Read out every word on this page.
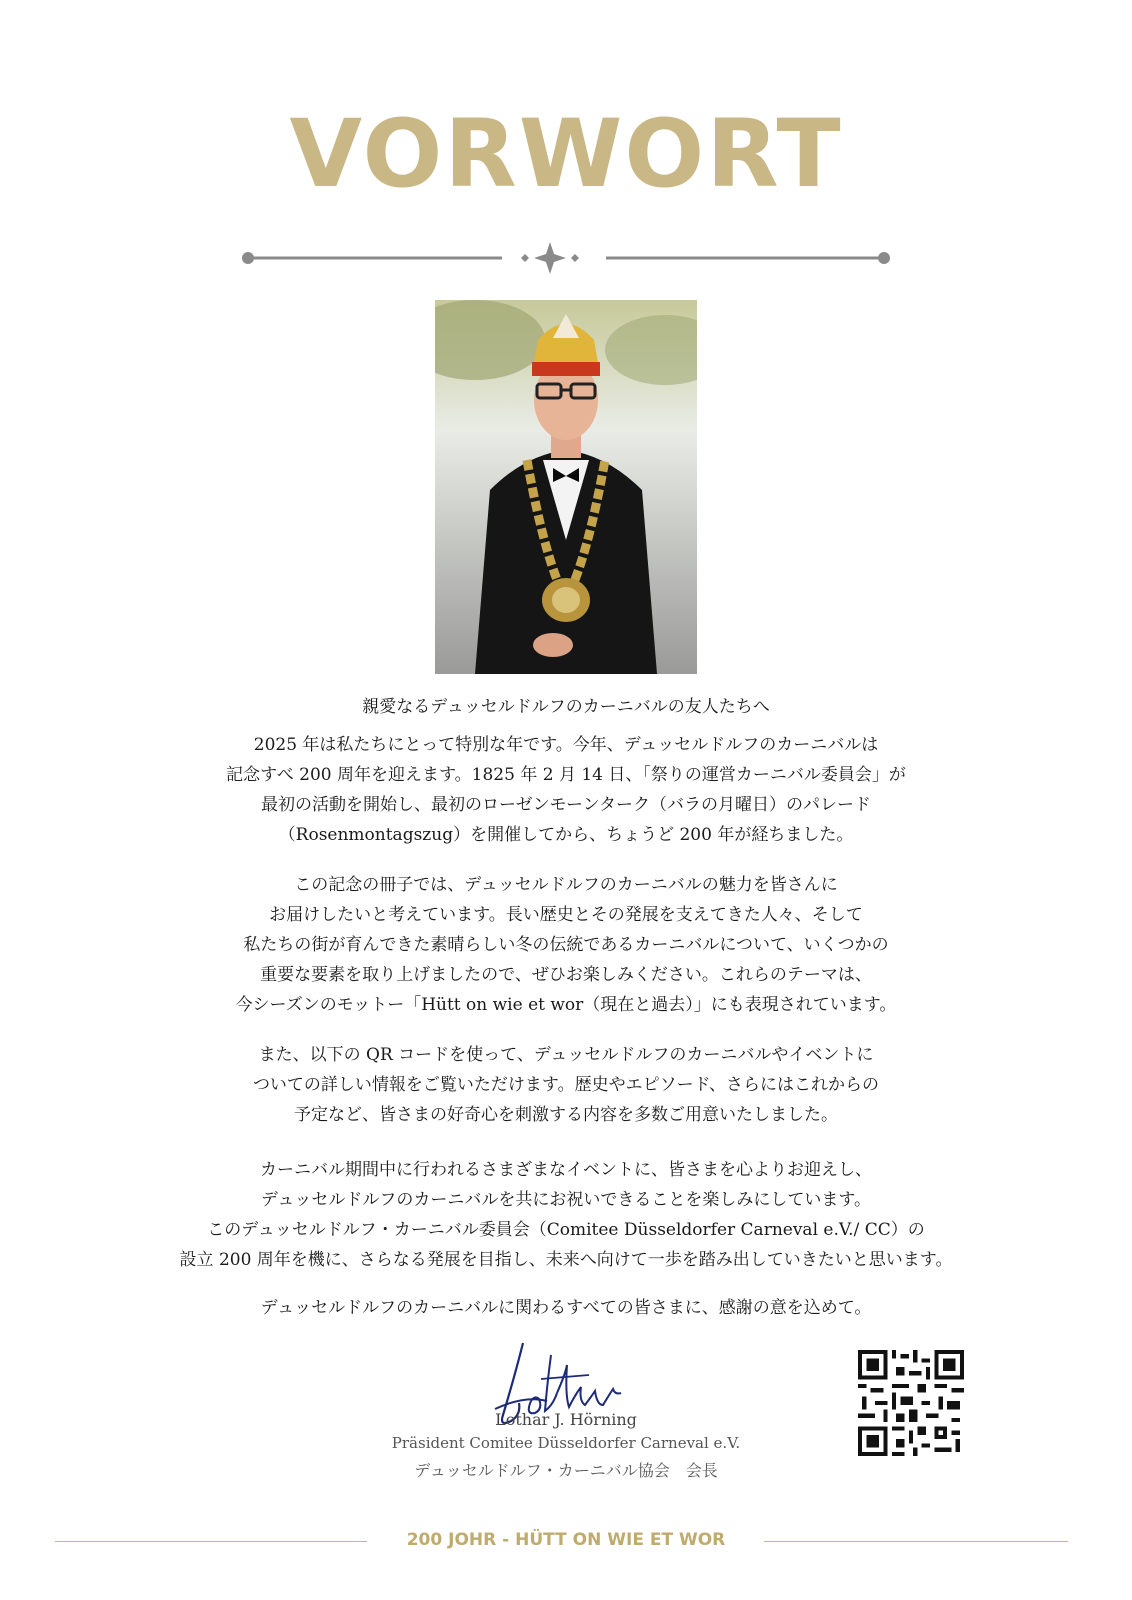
VORWORT

親愛なるデュッセルドルフのカーニバルの友人たちへ

2025 年は私たちにとって特別な年です。今年、デュッセルドルフのカーニバルは
記念すべ 200 周年を迎えます。1825 年 2 月 14 日、「祭りの運営カーニバル委員会」が
最初の活動を開始し、最初のローゼンモーンターク（バラの月曜日）のパレード
（Rosenmontagszug）を開催してから、ちょうど 200 年が経ちました。
この記念の冊子では、デュッセルドルフのカーニバルの魅力を皆さんに
お届けしたいと考えています。長い歴史とその発展を支えてきた人々、そして
私たちの街が育んできた素晴らしい冬の伝統であるカーニバルについて、いくつかの
重要な要素を取り上げましたので、ぜひお楽しみください。これらのテーマは、
今シーズンのモットー「Hütt on wie et wor（現在と過去）」にも表現されています。
また、以下の QR コードを使って、デュッセルドルフのカーニバルやイベントに
ついての詳しい情報をご覧いただけます。歴史やエピソード、さらにはこれからの
予定など、皆さまの好奇心を刺激する内容を多数ご用意いたしました。
カーニバル期間中に行われるさまざまなイベントに、皆さまを心よりお迎えし、
デュッセルドルフのカーニバルを共にお祝いできることを楽しみにしています。
このデュッセルドルフ・カーニバル委員会（Comitee Düsseldorfer Carneval e.V./ CC）の
設立 200 周年を機に、さらなる発展を目指し、未来へ向けて一歩を踏み出していきたいと思います。
デュッセルドルフのカーニバルに関わるすべての皆さまに、感謝の意を込めて。

Lothar J. Hörning

Präsident Comitee Düsseldorfer Carneval e.V.

デュッセルドルフ・カーニバル協会　会長

200 JOHR - HÜTT ON WIE ET WOR
